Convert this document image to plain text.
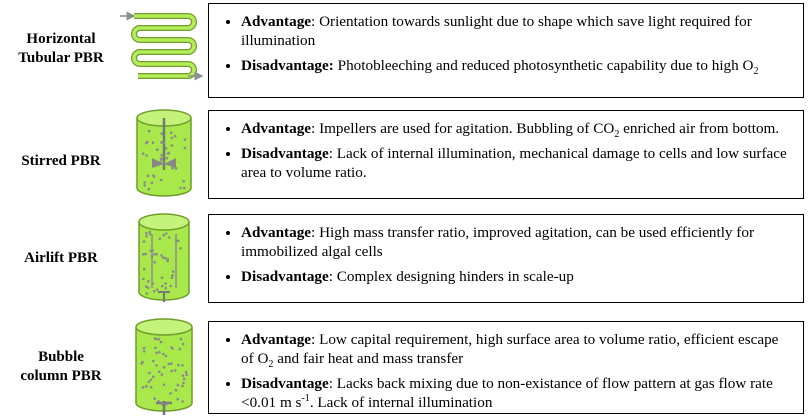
Horizontal
Tubular PBR
• Advantage: Orientation towards sunlight due to shape which save light required for illumination
• Disadvantage: Photobleeching and reduced photosynthetic capability due to high $O_2$
Stirred PBR
• Advantage: Impellers are used for agitation. Bubbling of $CO_2$ enriched air from bottom.
• Disadvantage: Lack of internal illumination, mechanical damage to cells and low surface area to volume ratio.
Airlift PBR
• Advantage: High mass transfer ratio, improved agitation, can be used efficiently for immobilized algal cells
• Disadvantage: Complex designing hinders in scale-up
Bubble
column PBR
• Advantage: Low capital requirement, high surface area to volume ratio, efficient escape of $O_2$ and fair heat and mass transfer
• Disadvantage: Lacks back mixing due to non-existance of flow pattern at gas flow rate <0.01 m $s^{-1}$. Lack of internal illumination
